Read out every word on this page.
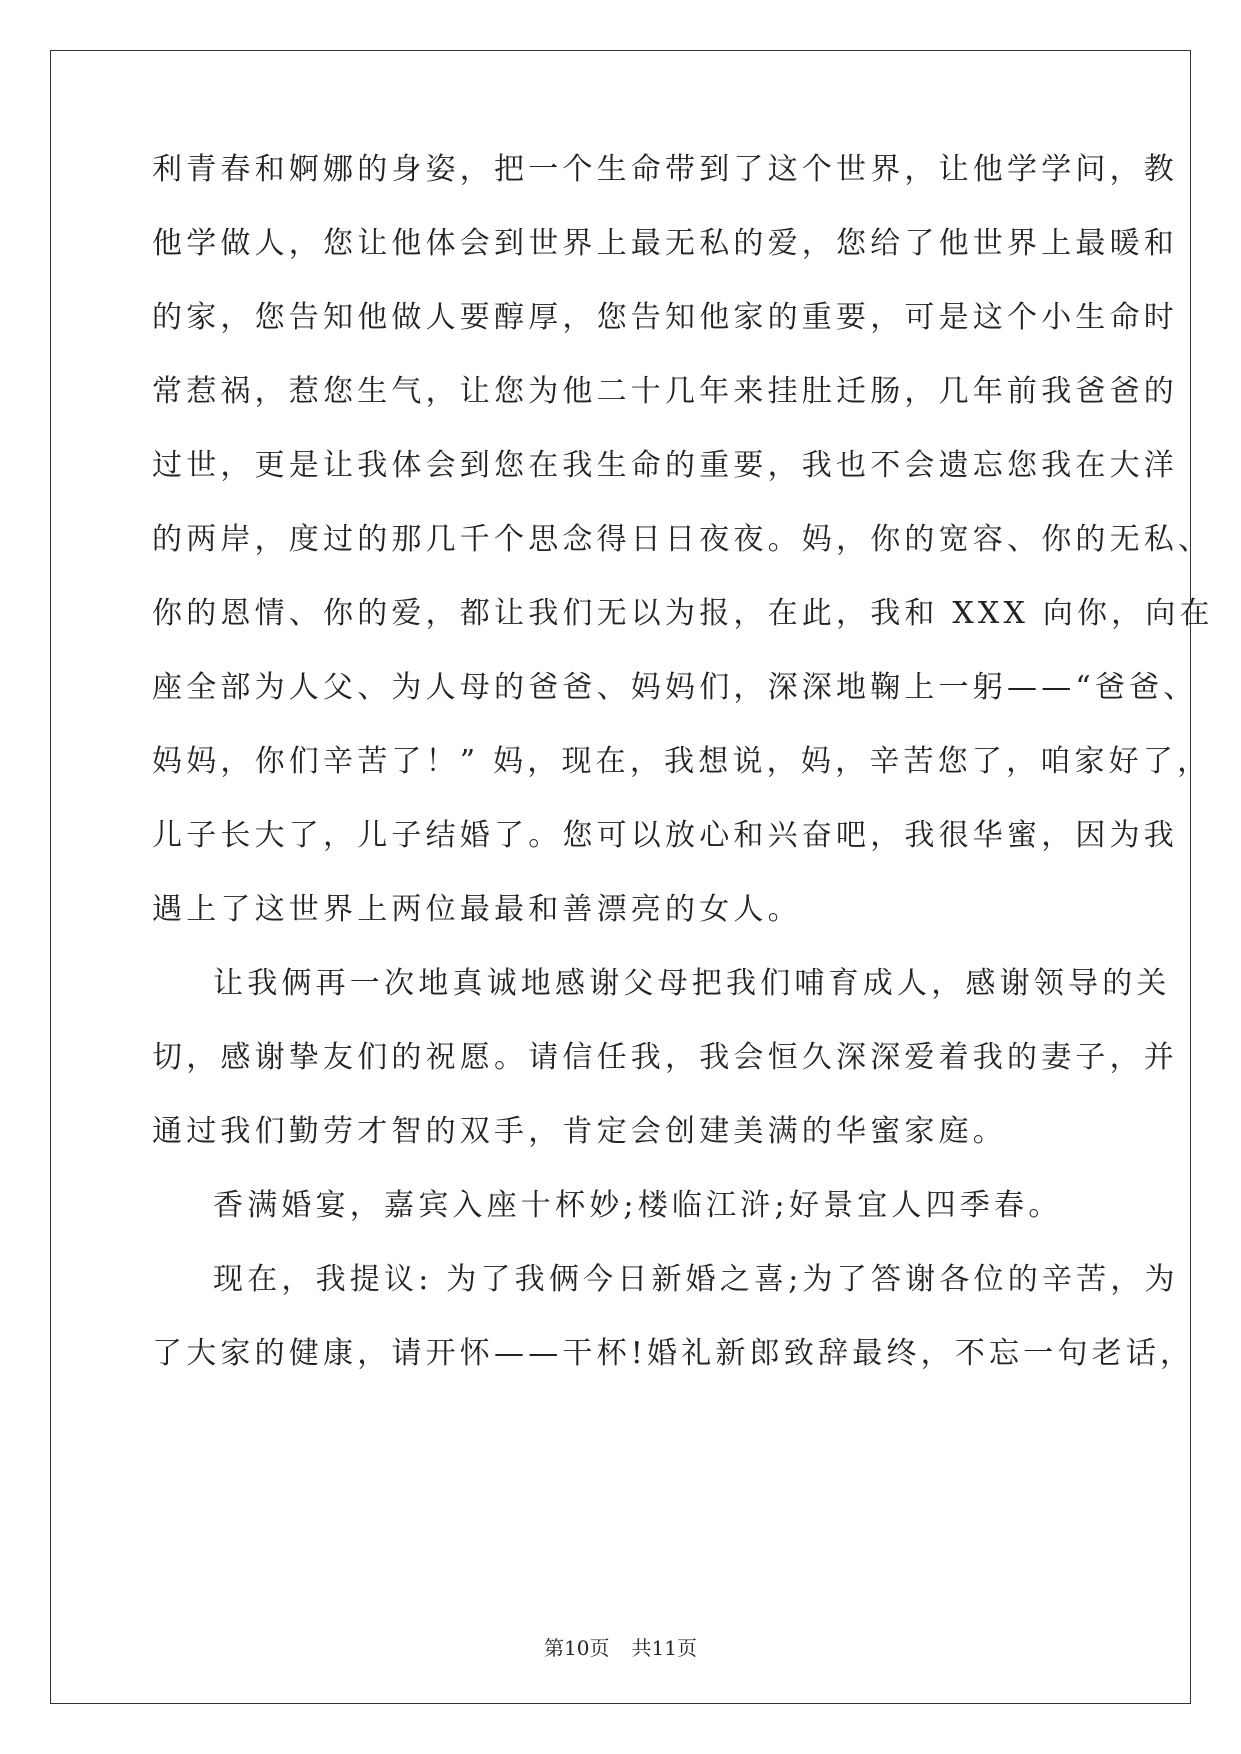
利青春和婀娜的身姿，把一个生命带到了这个世界，让他学学问，教

他学做人，您让他体会到世界上最无私的爱，您给了他世界上最暖和

的家，您告知他做人要醇厚，您告知他家的重要，可是这个小生命时

常惹祸，惹您生气，让您为他二十几年来挂肚迁肠，几年前我爸爸的

过世，更是让我体会到您在我生命的重要，我也不会遗忘您我在大洋

的两岸，度过的那几千个思念得日日夜夜。妈，你的宽容、你的无私、

你的恩情、你的爱，都让我们无以为报，在此，我和 XXX 向你，向在

座全部为人父、为人母的爸爸、妈妈们，深深地鞠上一躬——“爸爸、

妈妈，你们辛苦了！” 妈，现在，我想说，妈，辛苦您了，咱家好了，

儿子长大了，儿子结婚了。您可以放心和兴奋吧，我很华蜜，因为我

遇上了这世界上两位最最和善漂亮的女人。

让我俩再一次地真诚地感谢父母把我们哺育成人，感谢领导的关

切，感谢挚友们的祝愿。请信任我，我会恒久深深爱着我的妻子，并

通过我们勤劳才智的双手，肯定会创建美满的华蜜家庭。

香满婚宴，嘉宾入座十杯妙;楼临江浒;好景宜人四季春。

现在，我提议: 为了我俩今日新婚之喜;为了答谢各位的辛苦，为

了大家的健康，请开怀——干杯!婚礼新郎致辞最终，不忘一句老话，

第10页 共11页
